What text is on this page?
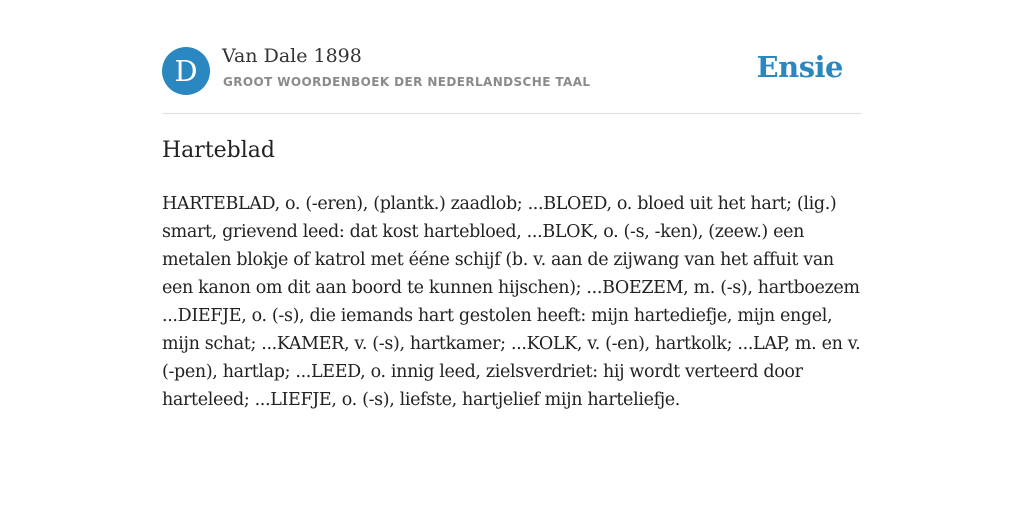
D	Van Dale 1898
GROOT WOORDENBOEK DER NEDERLANDSCHE TAAL	Ensie
Harteblad

HARTEBLAD, o. (-eren), (plantk.) zaadlob; ...BLOED, o. bloed uit het hart; (lig.) smart, grievend leed: dat kost hartebloed, ...BLOK, o. (-s, -ken), (zeew.) een metalen blokje of katrol met ééne schijf (b. v. aan de zijwang van het affuit van een kanon om dit aan boord te kunnen hijschen); ...BOEZEM, m. (-s), hartboezem ...DIEFJE, o. (-s), die iemands hart gestolen heeft: mijn hartediefje, mijn engel, mijn schat; ...KAMER, v. (-s), hartkamer; ...KOLK, v. (-en), hartkolk; ...LAP, m. en v. (-pen), hartlap; ...LEED, o. innig leed, zielsverdriet: hij wordt verteerd door harteleed; ...LIEFJE, o. (-s), liefste, hartjelief mijn harteliefje.
